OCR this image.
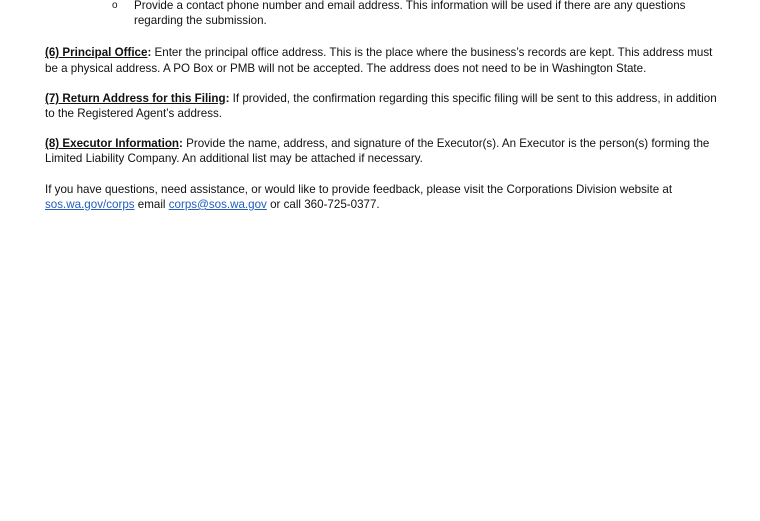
o Provide a contact phone number and email address. This information will be used if there are any questions regarding the submission.
(6) Principal Office: Enter the principal office address. This is the place where the business’s records are kept. This address must be a physical address. A PO Box or PMB will not be accepted. The address does not need to be in Washington State.
(7) Return Address for this Filing: If provided, the confirmation regarding this specific filing will be sent to this address, in addition to the Registered Agent’s address.
(8) Executor Information: Provide the name, address, and signature of the Executor(s). An Executor is the person(s) forming the Limited Liability Company. An additional list may be attached if necessary.
If you have questions, need assistance, or would like to provide feedback, please visit the Corporations Division website at sos.wa.gov/corps email corps@sos.wa.gov or call 360-725-0377.
